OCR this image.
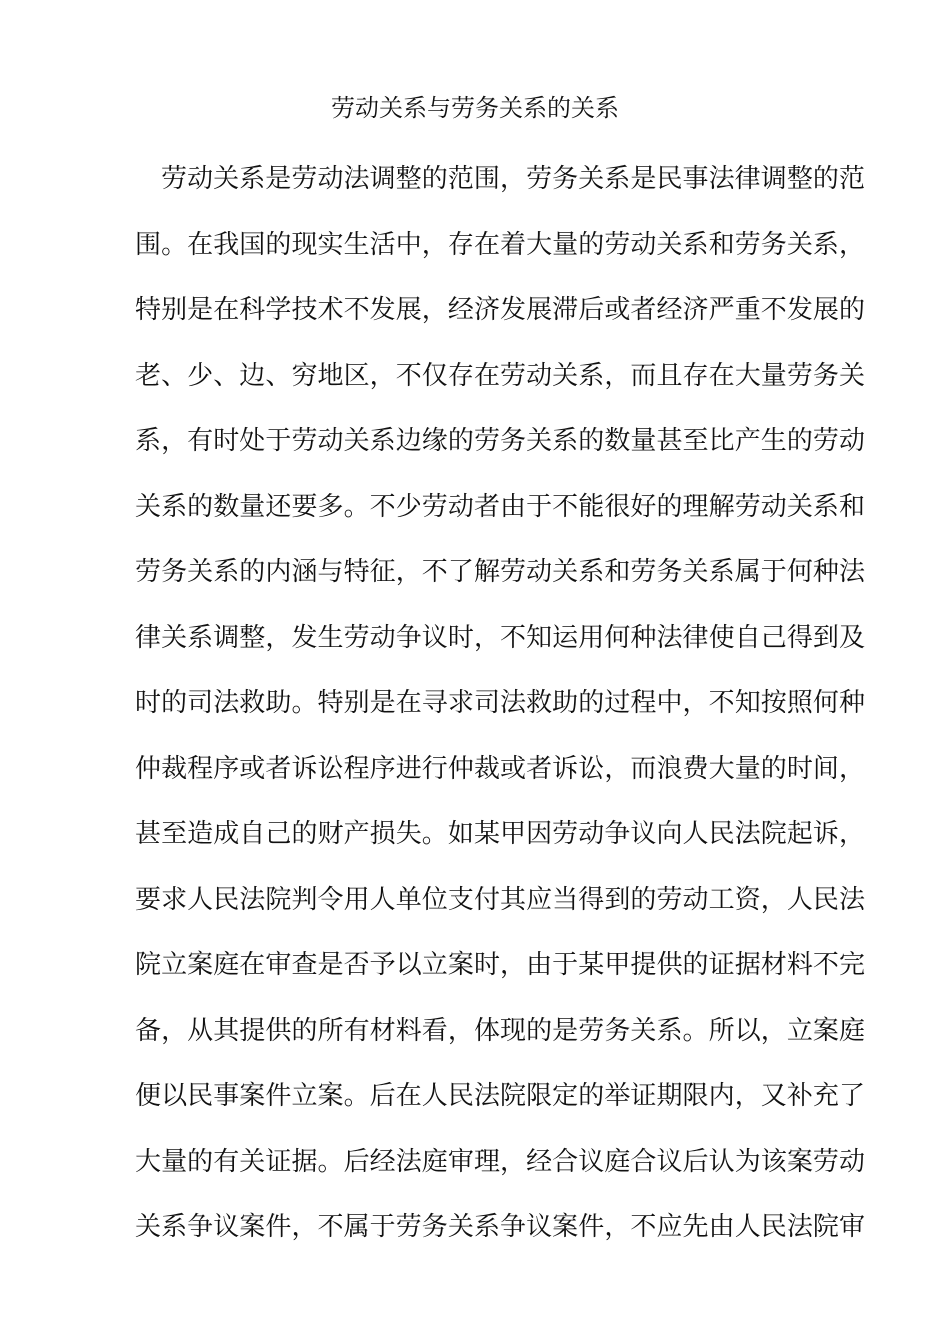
劳动关系与劳务关系的关系
劳动关系是劳动法调整的范围，劳务关系是民事法律调整的范
围。在我国的现实生活中，存在着大量的劳动关系和劳务关系，
特别是在科学技术不发展，经济发展滞后或者经济严重不发展的
老、少、边、穷地区，不仅存在劳动关系，而且存在大量劳务关
系，有时处于劳动关系边缘的劳务关系的数量甚至比产生的劳动
关系的数量还要多。不少劳动者由于不能很好的理解劳动关系和
劳务关系的内涵与特征，不了解劳动关系和劳务关系属于何种法
律关系调整，发生劳动争议时，不知运用何种法律使自己得到及
时的司法救助。特别是在寻求司法救助的过程中，不知按照何种
仲裁程序或者诉讼程序进行仲裁或者诉讼，而浪费大量的时间，
甚至造成自己的财产损失。如某甲因劳动争议向人民法院起诉，
要求人民法院判令用人单位支付其应当得到的劳动工资，人民法
院立案庭在审查是否予以立案时，由于某甲提供的证据材料不完
备，从其提供的所有材料看，体现的是劳务关系。所以，立案庭
便以民事案件立案。后在人民法院限定的举证期限内，又补充了
大量的有关证据。后经法庭审理，经合议庭合议后认为该案劳动
关系争议案件，不属于劳务关系争议案件，不应先由人民法院审
